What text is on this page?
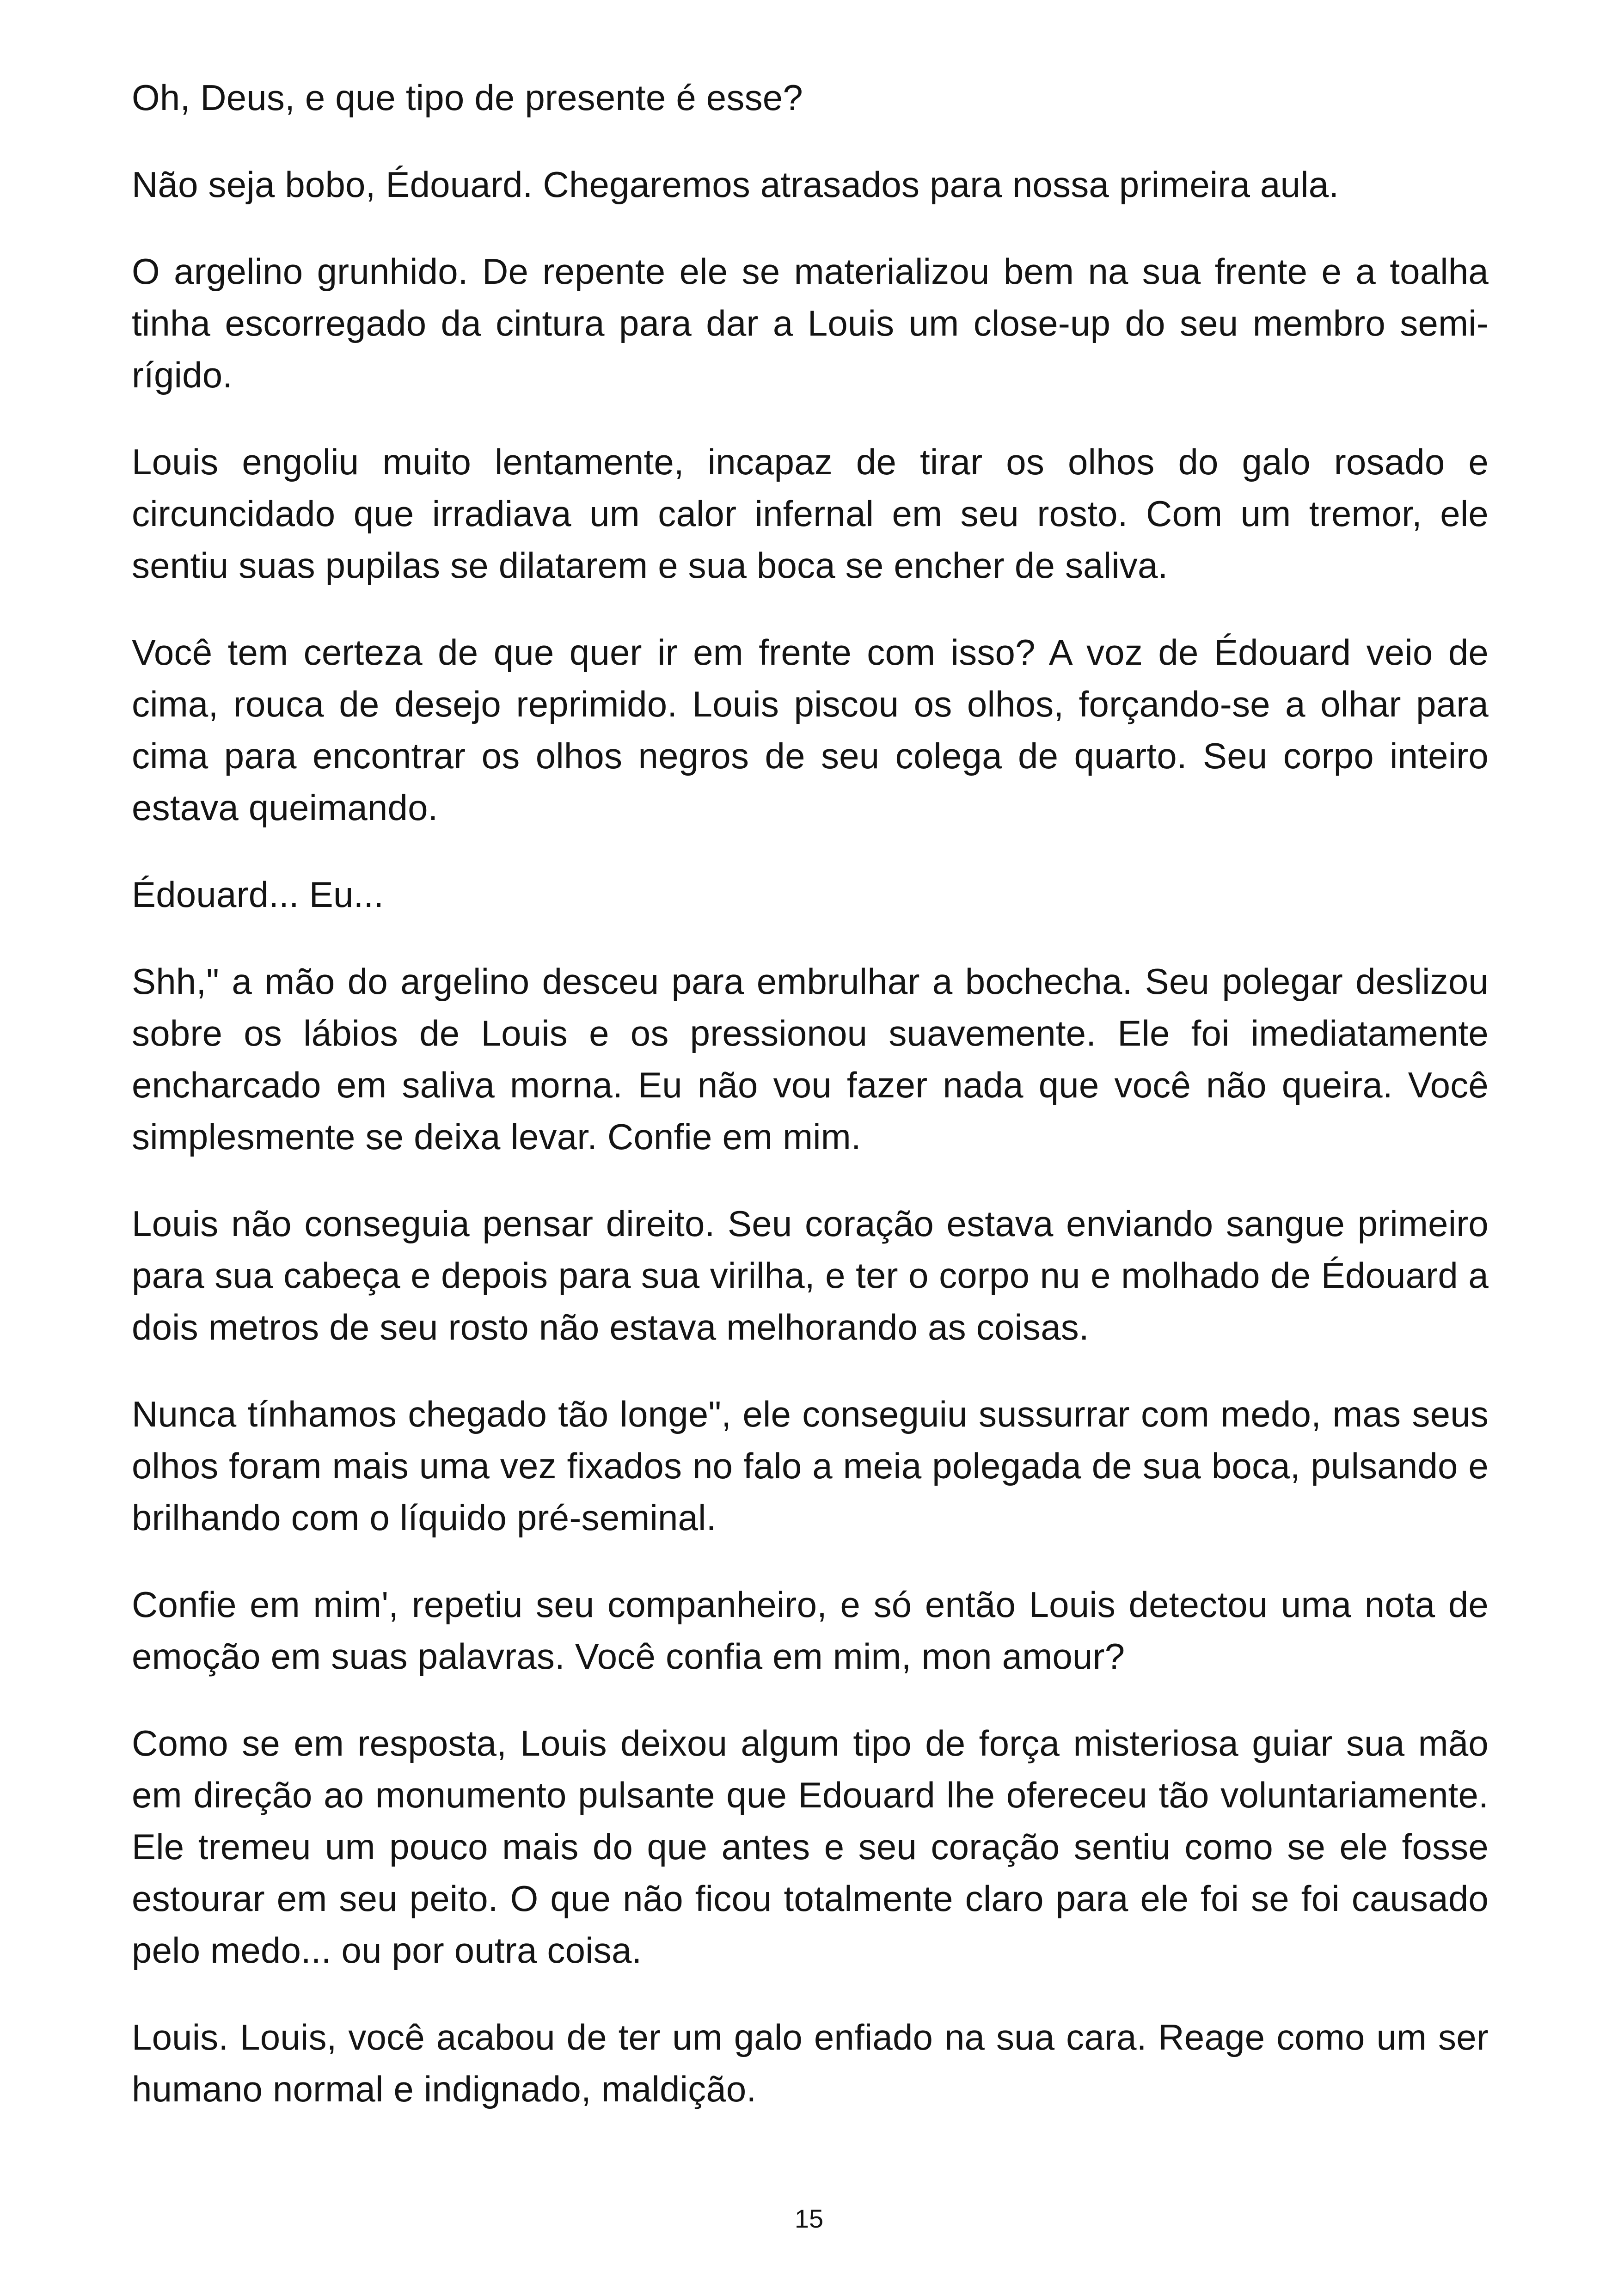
Oh, Deus, e que tipo de presente é esse?

Não seja bobo, Édouard. Chegaremos atrasados para nossa primeira aula.

O argelino grunhido. De repente ele se materializou bem na sua frente e a toalha tinha escorregado da cintura para dar a Louis um close-up do seu membro semi-rígido.

Louis engoliu muito lentamente, incapaz de tirar os olhos do galo rosado e circuncidado que irradiava um calor infernal em seu rosto. Com um tremor, ele sentiu suas pupilas se dilatarem e sua boca se encher de saliva.

Você tem certeza de que quer ir em frente com isso? A voz de Édouard veio de cima, rouca de desejo reprimido. Louis piscou os olhos, forçando-se a olhar para cima para encontrar os olhos negros de seu colega de quarto. Seu corpo inteiro estava queimando.

Édouard... Eu...

Shh," a mão do argelino desceu para embrulhar a bochecha. Seu polegar deslizou sobre os lábios de Louis e os pressionou suavemente. Ele foi imediatamente encharcado em saliva morna. Eu não vou fazer nada que você não queira. Você simplesmente se deixa levar. Confie em mim.

Louis não conseguia pensar direito. Seu coração estava enviando sangue primeiro para sua cabeça e depois para sua virilha, e ter o corpo nu e molhado de Édouard a dois metros de seu rosto não estava melhorando as coisas.

Nunca tínhamos chegado tão longe", ele conseguiu sussurrar com medo, mas seus olhos foram mais uma vez fixados no falo a meia polegada de sua boca, pulsando e brilhando com o líquido pré-seminal.

Confie em mim', repetiu seu companheiro, e só então Louis detectou uma nota de emoção em suas palavras. Você confia em mim, mon amour?

Como se em resposta, Louis deixou algum tipo de força misteriosa guiar sua mão em direção ao monumento pulsante que Edouard lhe ofereceu tão voluntariamente. Ele tremeu um pouco mais do que antes e seu coração sentiu como se ele fosse estourar em seu peito. O que não ficou totalmente claro para ele foi se foi causado pelo medo... ou por outra coisa.

Louis. Louis, você acabou de ter um galo enfiado na sua cara. Reage como um ser humano normal e indignado, maldição.

15
